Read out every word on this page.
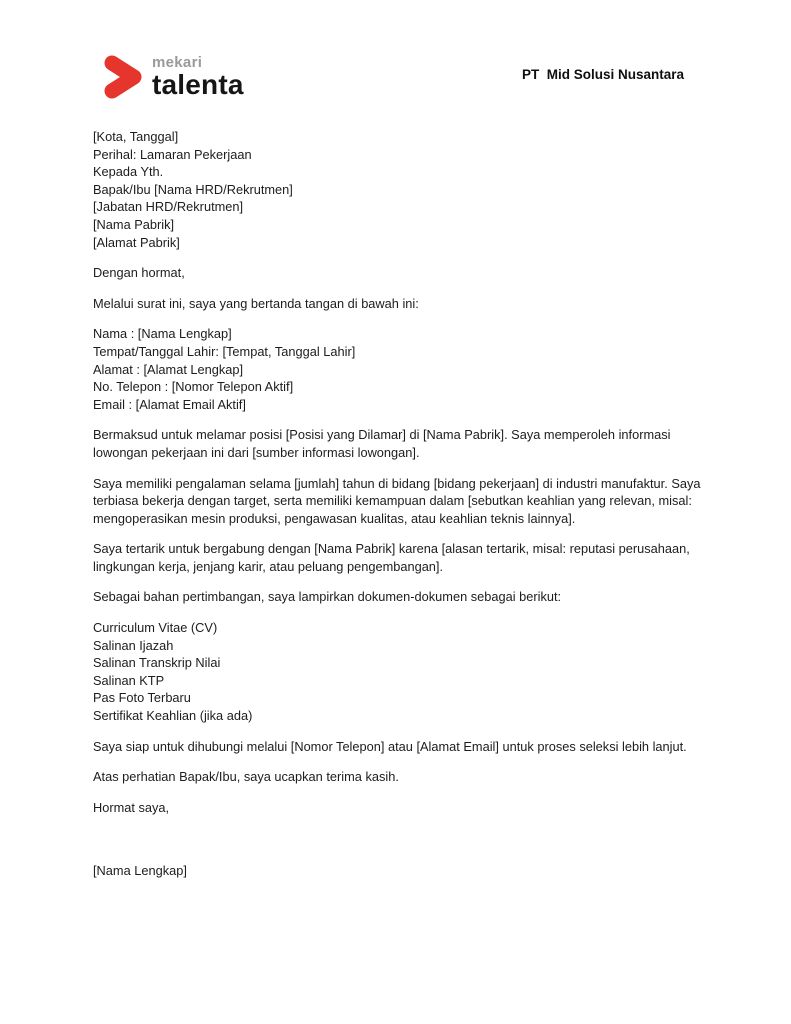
mekari
talenta	PT  Mid Solusi Nusantara
[Kota, Tanggal]
Perihal: Lamaran Pekerjaan
Kepada Yth.
Bapak/Ibu [Nama HRD/Rekrutmen]
[Jabatan HRD/Rekrutmen]
[Nama Pabrik]
[Alamat Pabrik]

Dengan hormat,

Melalui surat ini, saya yang bertanda tangan di bawah ini:

Nama : [Nama Lengkap]
Tempat/Tanggal Lahir: [Tempat, Tanggal Lahir]
Alamat : [Alamat Lengkap]
No. Telepon : [Nomor Telepon Aktif]
Email : [Alamat Email Aktif]

Bermaksud untuk melamar posisi [Posisi yang Dilamar] di [Nama Pabrik]. Saya memperoleh informasi lowongan pekerjaan ini dari [sumber informasi lowongan].

Saya memiliki pengalaman selama [jumlah] tahun di bidang [bidang pekerjaan] di industri manufaktur. Saya terbiasa bekerja dengan target, serta memiliki kemampuan dalam [sebutkan keahlian yang relevan, misal: mengoperasikan mesin produksi, pengawasan kualitas, atau keahlian teknis lainnya].

Saya tertarik untuk bergabung dengan [Nama Pabrik] karena [alasan tertarik, misal: reputasi perusahaan, lingkungan kerja, jenjang karir, atau peluang pengembangan].

Sebagai bahan pertimbangan, saya lampirkan dokumen-dokumen sebagai berikut:

Curriculum Vitae (CV)
Salinan Ijazah
Salinan Transkrip Nilai
Salinan KTP
Pas Foto Terbaru
Sertifikat Keahlian (jika ada)

Saya siap untuk dihubungi melalui [Nomor Telepon] atau [Alamat Email] untuk proses seleksi lebih lanjut.

Atas perhatian Bapak/Ibu, saya ucapkan terima kasih.

Hormat saya,

[Nama Lengkap]
